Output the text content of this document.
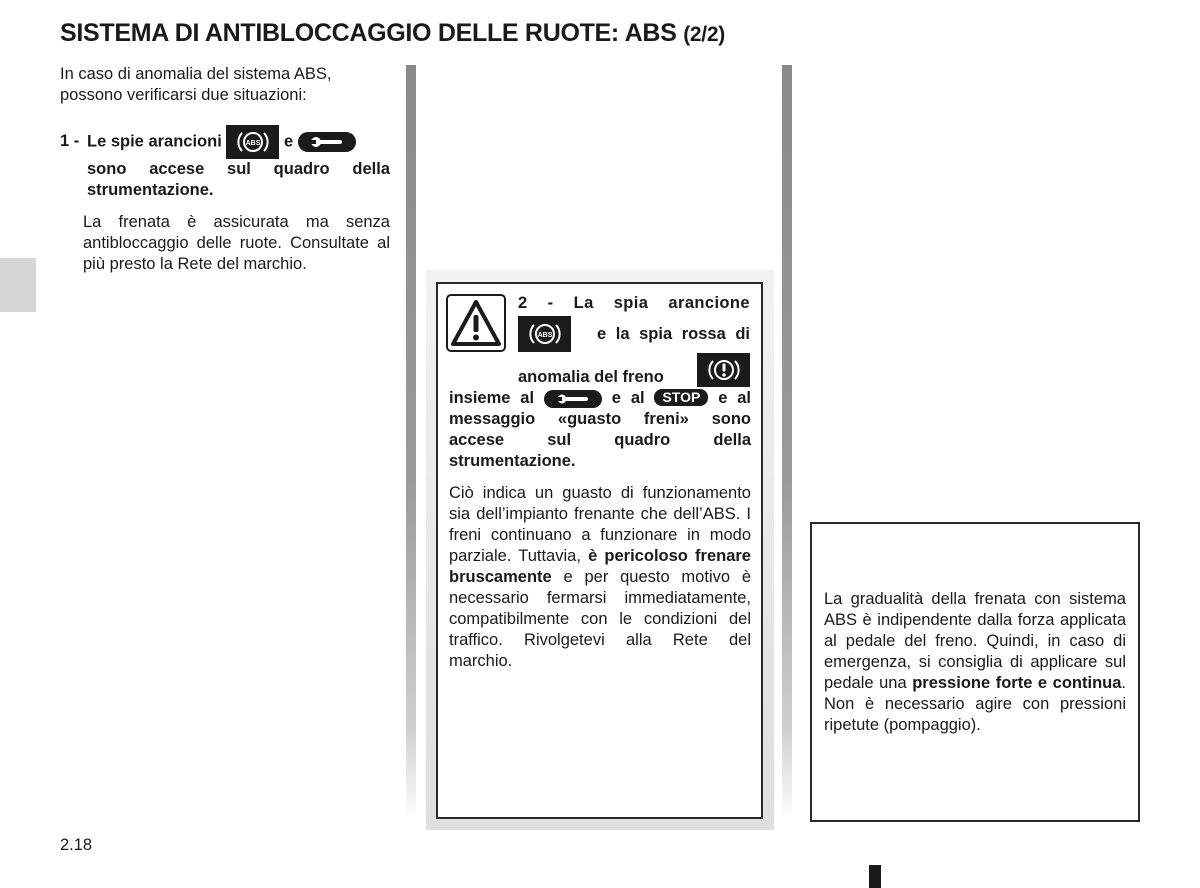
SISTEMA DI ANTIBLOCCAGGIO DELLE RUOTE: ABS (2/2)

In caso di anomalia del sistema ABS, possono verificarsi due situazioni:

1 - Le spie arancioni	ABS e
sono accese sul quadro della strumentazione.

La frenata è assicurata ma senza antibloccaggio delle ruote. Consultate al più presto la Rete del marchio.

2 - La spia arancione
ABS	e la spia rossa di
anomalia del freno
insieme al	e al STOP e al messaggio «guasto freni» sono accese sul quadro della strumentazione.
Ciò indica un guasto di funzionamento sia dell’impianto frenante che dell’ABS. I freni continuano a funzionare in modo parziale. Tuttavia, è pericoloso frenare bruscamente e per questo motivo è necessario fermarsi immediatamente, compatibilmente con le condizioni del traffico. Rivolgetevi alla Rete del marchio.
La gradualità della frenata con sistema ABS è indipendente dalla forza applicata al pedale del freno. Quindi, in caso di emergenza, si consiglia di applicare sul pedale una pressione forte e continua. Non è necessario agire con pressioni ripetute (pompaggio).
2.18
